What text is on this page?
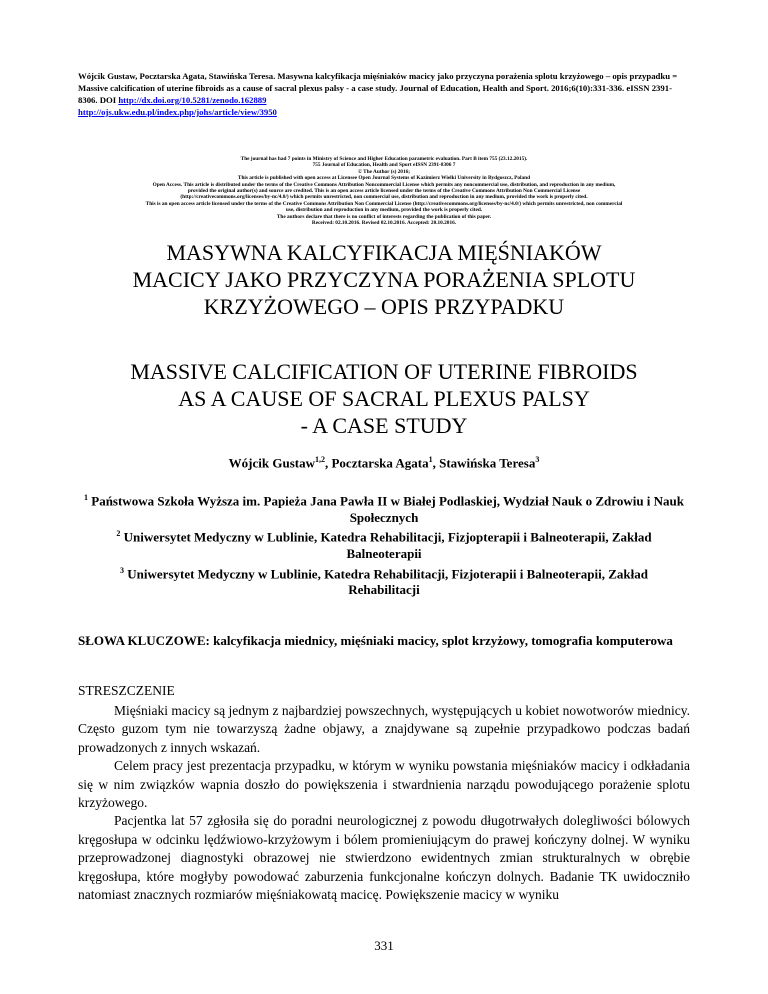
Wójcik Gustaw, Pocztarska Agata, Stawińska Teresa. Masywna kalcyfikacja mięśniaków macicy jako przyczyna porażenia splotu krzyżowego – opis przypadku = Massive calcification of uterine fibroids as a cause of sacral plexus palsy - a case study. Journal of Education, Health and Sport. 2016;6(10):331-336. eISSN 2391-8306. DOI http://dx.doi.org/10.5281/zenodo.162889
http://ojs.ukw.edu.pl/index.php/johs/article/view/3950
The journal has had 7 points in Ministry of Science and Higher Education parametric evaluation. Part B item 755 (23.12.2015).
755 Journal of Education, Health and Sport eISSN 2391-8306 7
© The Author (s) 2016;
This article is published with open access at Licensee Open Journal Systems of Kazimierz Wielki University in Bydgoszcz, Poland
Open Access. This article is distributed under the terms of the Creative Commons Attribution Noncommercial License which permits any noncommercial use, distribution, and reproduction in any medium,
provided the original author(s) and source are credited. This is an open access article licensed under the terms of the Creative Commons Attribution Non Commercial License
(http://creativecommons.org/licenses/by-nc/4.0/) which permits unrestricted, non commercial use, distribution and reproduction in any medium, provided the work is properly cited.
This is an open access article licensed under the terms of the Creative Commons Attribution Non Commercial License (http://creativecommons.org/licenses/by-nc/4.0/) which permits unrestricted, non commercial
use, distribution and reproduction in any medium, provided the work is properly cited.
The authors declare that there is no conflict of interests regarding the publication of this paper.
Received: 02.10.2016. Revised 02.10.2016. Accepted: 20.10.2016.
MASYWNA KALCYFIKACJA MIĘŚNIAKÓW
MACICY JAKO PRZYCZYNA PORAŻENIA SPLOTU
KRZYŻOWEGO – OPIS PRZYPADKU
MASSIVE CALCIFICATION OF UTERINE FIBROIDS
AS A CAUSE OF SACRAL PLEXUS PALSY
- A CASE STUDY
Wójcik Gustaw$^{1,2}$, Pocztarska Agata$^1$, Stawińska Teresa$^3$
$^1$ Państwowa Szkoła Wyższa im. Papieża Jana Pawła II w Białej Podlaskiej, Wydział Nauk o Zdrowiu i Nauk Społecznych
$^2$ Uniwersytet Medyczny w Lublinie, Katedra Rehabilitacji, Fizjopterapii i Balneoterapii, Zakład Balneoterapii
$^3$ Uniwersytet Medyczny w Lublinie, Katedra Rehabilitacji, Fizjoterapii i Balneoterapii, Zakład Rehabilitacji
SŁOWA KLUCZOWE: kalcyfikacja miednicy, mięśniaki macicy, splot krzyżowy, tomografia komputerowa
STRESZCZENIE

Mięśniaki macicy są jednym z najbardziej powszechnych, występujących u kobiet nowotworów miednicy. Często guzom tym nie towarzyszą żadne objawy, a znajdywane są zupełnie przypadkowo podczas badań prowadzonych z innych wskazań.

Celem pracy jest prezentacja przypadku, w którym w wyniku powstania mięśniaków macicy i odkładania się w nim związków wapnia doszło do powiększenia i stwardnienia narządu powodującego porażenie splotu krzyżowego.

Pacjentka lat 57 zgłosiła się do poradni neurologicznej z powodu długotrwałych dolegliwości bólowych kręgosłupa w odcinku lędźwiowo-krzyżowym i bólem promieniującym do prawej kończyny dolnej. W wyniku przeprowadzonej diagnostyki obrazowej nie stwierdzono ewidentnych zmian strukturalnych w obrębie kręgosłupa, które mogłyby powodować zaburzenia funkcjonalne kończyn dolnych. Badanie TK uwidoczniło natomiast znacznych rozmiarów mięśniakowatą macicę. Powiększenie macicy w wyniku

331
